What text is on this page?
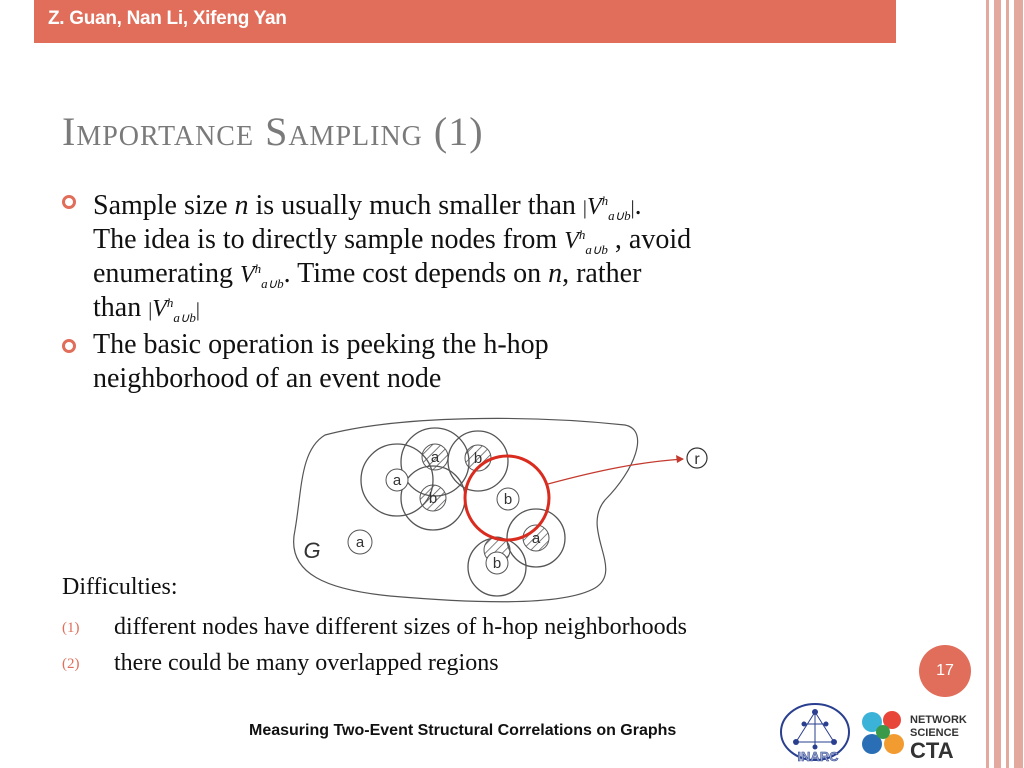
Z. Guan, Nan Li, Xifeng Yan
Importance Sampling (1)
Sample size n is usually much smaller than $|V^h_{a\cup b}|$.
The idea is to directly sample nodes from $V^h_{a\cup b}$ , avoid
enumerating $V^h_{a\cup b}$. Time cost depends on n, rather
than $|V^h_{a\cup b}|$
The basic operation is peeking the h-hop
neighborhood of an event node
r
a b
a
b	b
a
b
a
G
Difficulties:
(1) different nodes have different sizes of h-hop neighborhoods
(2) there could be many overlapped regions	17
Measuring Two-Event Structural Correlations on Graphs
INARC
NETWORK
SCIENCE
CTA
